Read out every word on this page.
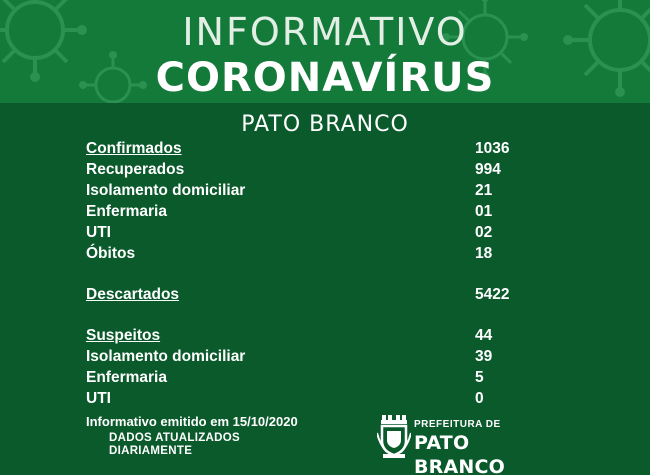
INFORMATIVO
CORONAVÍRUS
PATO BRANCO
Confirmados	1036
Recuperados	994
Isolamento domiciliar	21
Enfermaria	01
UTI	02
Óbitos	18
Descartados	5422
Suspeitos	44
Isolamento domiciliar	39
Enfermaria	5
UTI	0
Informativo emitido em 15/10/2020
DADOS ATUALIZADOS
DIARIAMENTE
PREFEITURA DE
PATO BRANCO
